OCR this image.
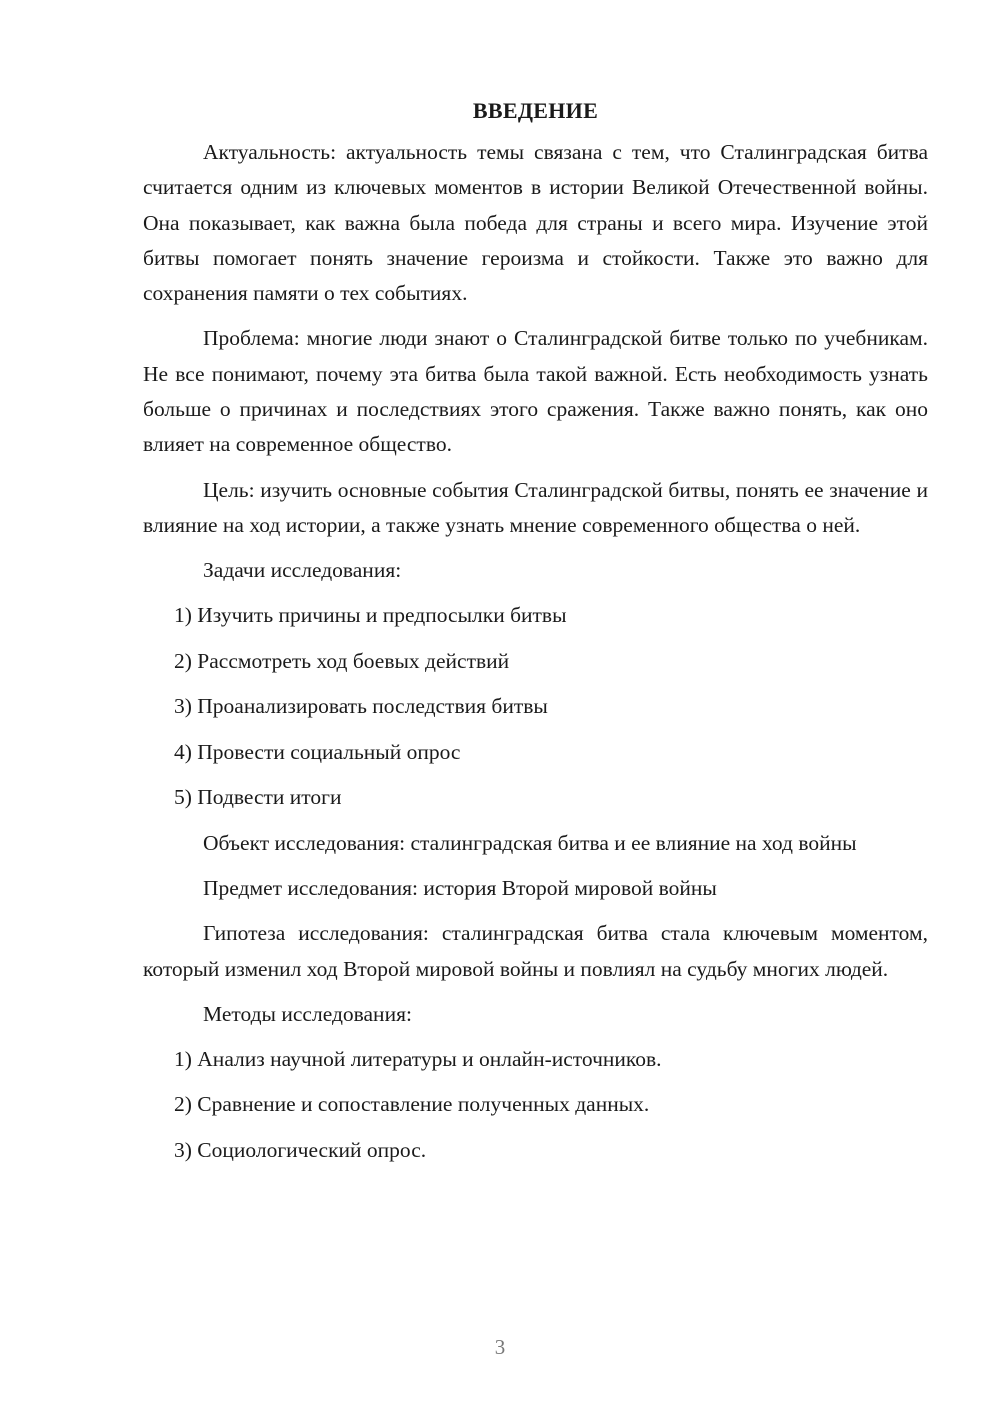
ВВЕДЕНИЕ

Актуальность: актуальность темы связана с тем, что Сталинградская битва считается одним из ключевых моментов в истории Великой Отечественной войны. Она показывает, как важна была победа для страны и всего мира. Изучение этой битвы помогает понять значение героизма и стойкости. Также это важно для сохранения памяти о тех событиях.

Проблема: многие люди знают о Сталинградской битве только по учебникам. Не все понимают, почему эта битва была такой важной. Есть необходимость узнать больше о причинах и последствиях этого сражения. Также важно понять, как оно влияет на современное общество.

Цель: изучить основные события Сталинградской битвы, понять ее значение и влияние на ход истории, а также узнать мнение современного общества о ней.

Задачи исследования:

1) Изучить причины и предпосылки битвы
2) Рассмотреть ход боевых действий
3) Проанализировать последствия битвы
4) Провести социальный опрос
5) Подвести итоги

Объект исследования: сталинградская битва и ее влияние на ход войны

Предмет исследования: история Второй мировой войны

Гипотеза исследования: сталинградская битва стала ключевым моментом, который изменил ход Второй мировой войны и повлиял на судьбу многих людей.

Методы исследования:

1) Анализ научной литературы и онлайн-источников.
2) Сравнение и сопоставление полученных данных.
3) Социологический опрос.
3
